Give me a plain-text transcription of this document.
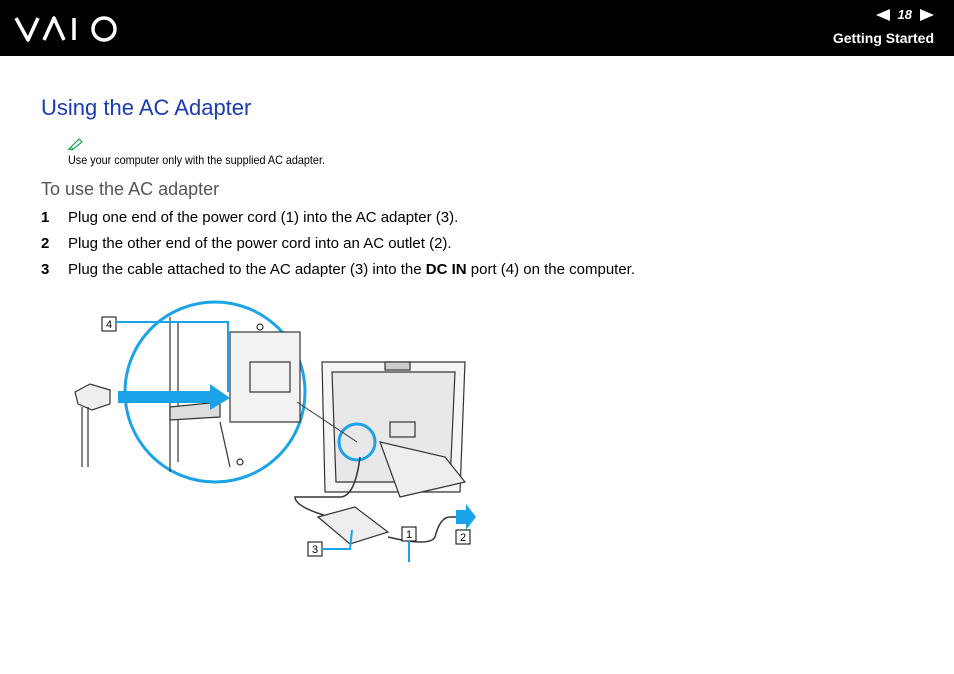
18
Getting Started
Using the AC Adapter
Use your computer only with the supplied AC adapter.
To use the AC adapter
1 Plug one end of the power cord (1) into the AC adapter (3).
2 Plug the other end of the power cord into an AC outlet (2).
3 Plug the cable attached to the AC adapter (3) into the DC IN port (4) on the computer.
4
1	2
3
